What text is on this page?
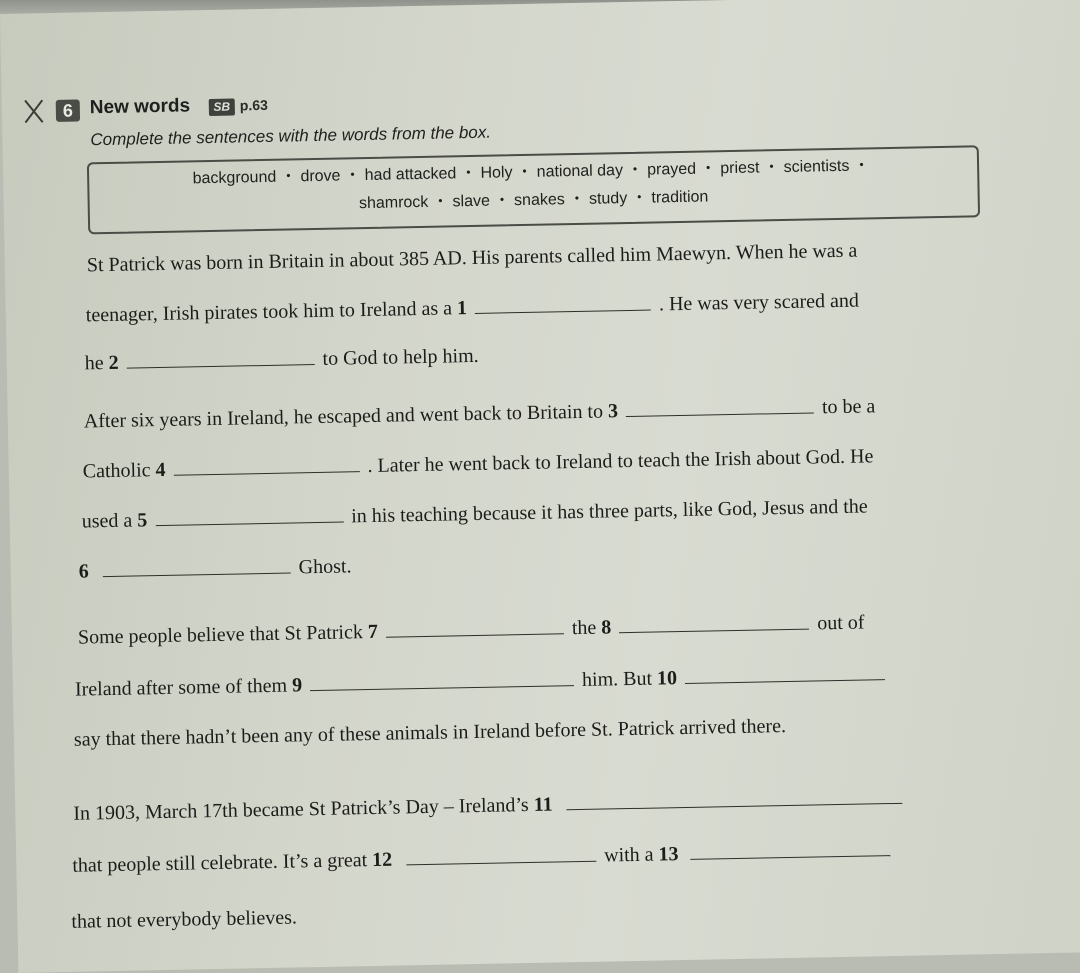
6 New words	SB p.63
Complete the sentences with the words from the box.
background • drove • had attacked • Holy • national day • prayed • priest • scientists •
shamrock • slave • snakes • study • tradition
St Patrick was born in Britain in about 385 AD. His parents called him Maewyn. When he was a
teenager, Irish pirates took him to Ireland as a 1	. He was very scared and
he 2	to God to help him.
After six years in Ireland, he escaped and went back to Britain to 3	to be a
Catholic 4	. Later he went back to Ireland to teach the Irish about God. He
used a 5	in his teaching because it has three parts, like God, Jesus and the
6	Ghost.
Some people believe that St Patrick 7	the 8	out of
Ireland after some of them 9	him. But 10
say that there hadn’t been any of these animals in Ireland before St. Patrick arrived there.
In 1903, March 17th became St Patrick’s Day – Ireland’s 11
that people still celebrate. It’s a great 12	with a 13
that not everybody believes.
